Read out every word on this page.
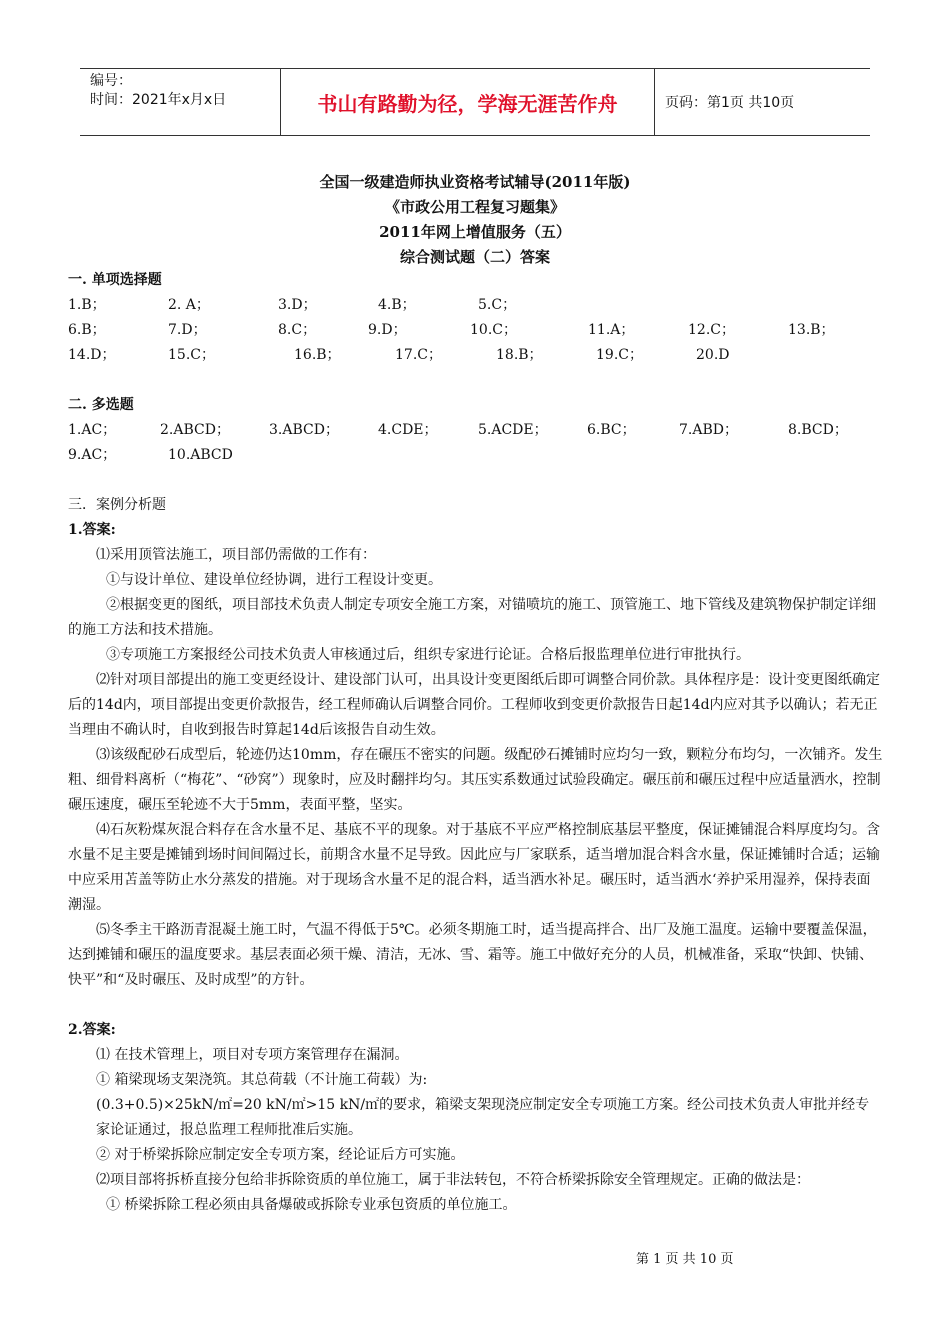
编号：
时间：2021年x月x日	书山有路勤为径，学海无涯苦作舟	页码：第1页 共10页
全国一级建造师执业资格考试辅导(2011年版)
《市政公用工程复习题集》
2011年网上增值服务（五）
综合测试题（二）答案

一. 单项选择题

1.B；	2. A；	3.D；	4.B；	5.C；
6.B；	7.D；	8.C；	9.D；	10.C；	11.A；	12.C；	13.B；
14.D；	15.C；	16.B；	17.C；	18.B；	19.C；	20.D

二. 多选题

1.AC；	2.ABCD；	3.ABCD；	4.CDE；	5.ACDE；	6.BC；	7.ABD；	8.BCD；
9.AC；	10.ABCD

三．案例分析题

1.答案:

⑴采用顶管法施工，项目部仍需做的工作有：

①与设计单位、建设单位经协调，进行工程设计变更。

②根据变更的图纸，项目部技术负责人制定专项安全施工方案，对锚喷坑的施工、顶管施工、地下管线及建筑物保护制定详细的施工方法和技术措施。

③专项施工方案报经公司技术负责人审核通过后，组织专家进行论证。合格后报监理单位进行审批执行。

⑵针对项目部提出的施工变更经设计、建设部门认可，出具设计变更图纸后即可调整合同价款。具体程序是：设计变更图纸确定后的14d内，项目部提出变更价款报告，经工程师确认后调整合同价。工程师收到变更价款报告日起14d内应对其予以确认；若无正当理由不确认时，自收到报告时算起14d后该报告自动生效。

⑶该级配砂石成型后，轮迹仍达10mm，存在碾压不密实的问题。级配砂石摊铺时应均匀一致，颗粒分布均匀，一次铺齐。发生粗、细骨料离析（“梅花”、“砂窝”）现象时，应及时翻拌均匀。其压实系数通过试验段确定。碾压前和碾压过程中应适量洒水，控制碾压速度，碾压至轮迹不大于5mm，表面平整，坚实。

⑷石灰粉煤灰混合料存在含水量不足、基底不平的现象。对于基底不平应严格控制底基层平整度，保证摊铺混合料厚度均匀。含水量不足主要是摊铺到场时间间隔过长，前期含水量不足导致。因此应与厂家联系，适当增加混合料含水量，保证摊铺时合适；运输中应采用苫盖等防止水分蒸发的措施。对于现场含水量不足的混合料，适当洒水补足。碾压时，适当洒水‘养护采用湿养，保持表面潮湿。

⑸冬季主干路沥青混凝土施工时，气温不得低于5℃。必须冬期施工时，适当提高拌合、出厂及施工温度。运输中要覆盖保温，达到摊铺和碾压的温度要求。基层表面必须干燥、清洁，无冰、雪、霜等。施工中做好充分的人员，机械准备，采取“快卸、快铺、快平”和“及时碾压、及时成型”的方针。

2.答案:

⑴ 在技术管理上，项目对专项方案管理存在漏洞。

① 箱梁现场支架浇筑。其总荷载（不计施工荷载）为:

(0.3+0.5)×25kN/㎡=20 kN/㎡>15 kN/㎡的要求，箱梁支架现浇应制定安全专项施工方案。经公司技术负责人审批并经专家论证通过，报总监理工程师批准后实施。

② 对于桥梁拆除应制定安全专项方案，经论证后方可实施。

⑵项目部将拆桥直接分包给非拆除资质的单位施工，属于非法转包，不符合桥梁拆除安全管理规定。正确的做法是：

① 桥梁拆除工程必须由具备爆破或拆除专业承包资质的单位施工。

第 1 页 共 10 页
